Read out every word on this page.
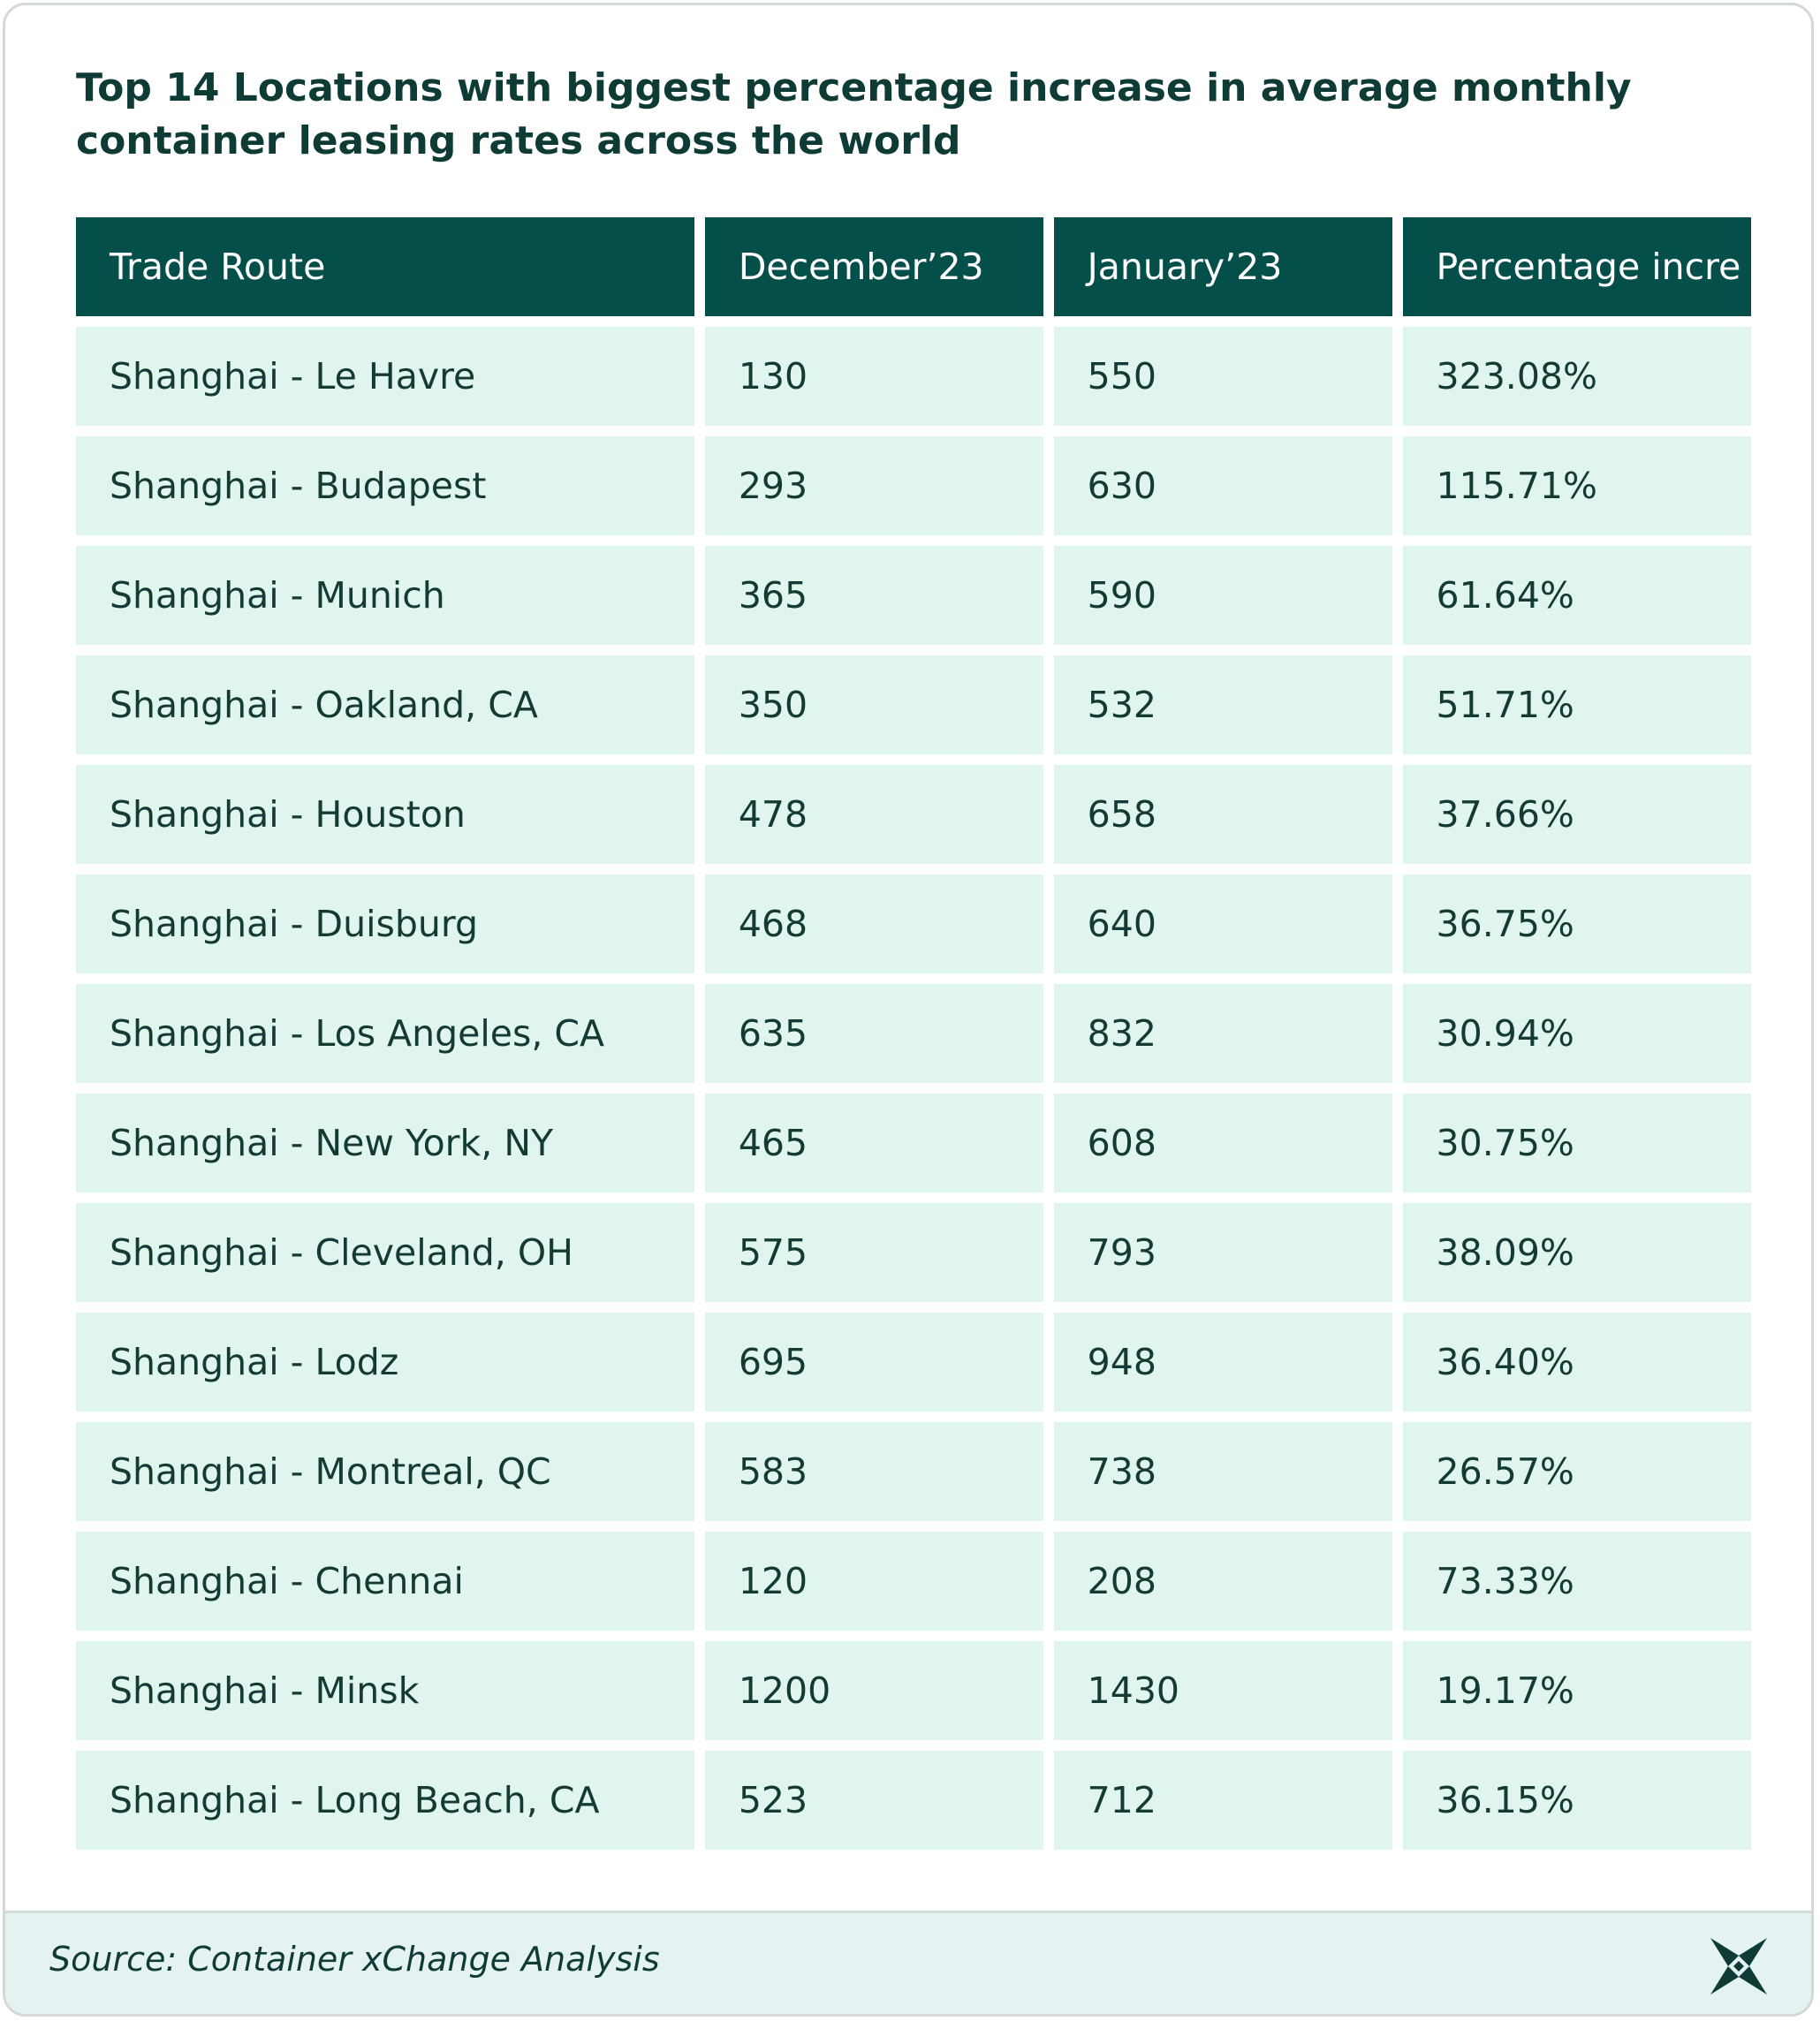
Top 14 Locations with biggest percentage increase in average monthly container leasing rates across the world
Trade Route	December’23	January’23	Percentage incre
Shanghai - Le Havre	130	550	323.08%
Shanghai - Budapest	293	630	115.71%
Shanghai - Munich	365	590	61.64%
Shanghai - Oakland, CA	350	532	51.71%
Shanghai - Houston	478	658	37.66%
Shanghai - Duisburg	468	640	36.75%
Shanghai - Los Angeles, CA	635	832	30.94%
Shanghai - New York, NY	465	608	30.75%
Shanghai - Cleveland, OH	575	793	38.09%
Shanghai - Lodz	695	948	36.40%
Shanghai - Montreal, QC	583	738	26.57%
Shanghai - Chennai	120	208	73.33%
Shanghai - Minsk	1200	1430	19.17%
Shanghai - Long Beach, CA	523	712	36.15%
Source: Container xChange Analysis
